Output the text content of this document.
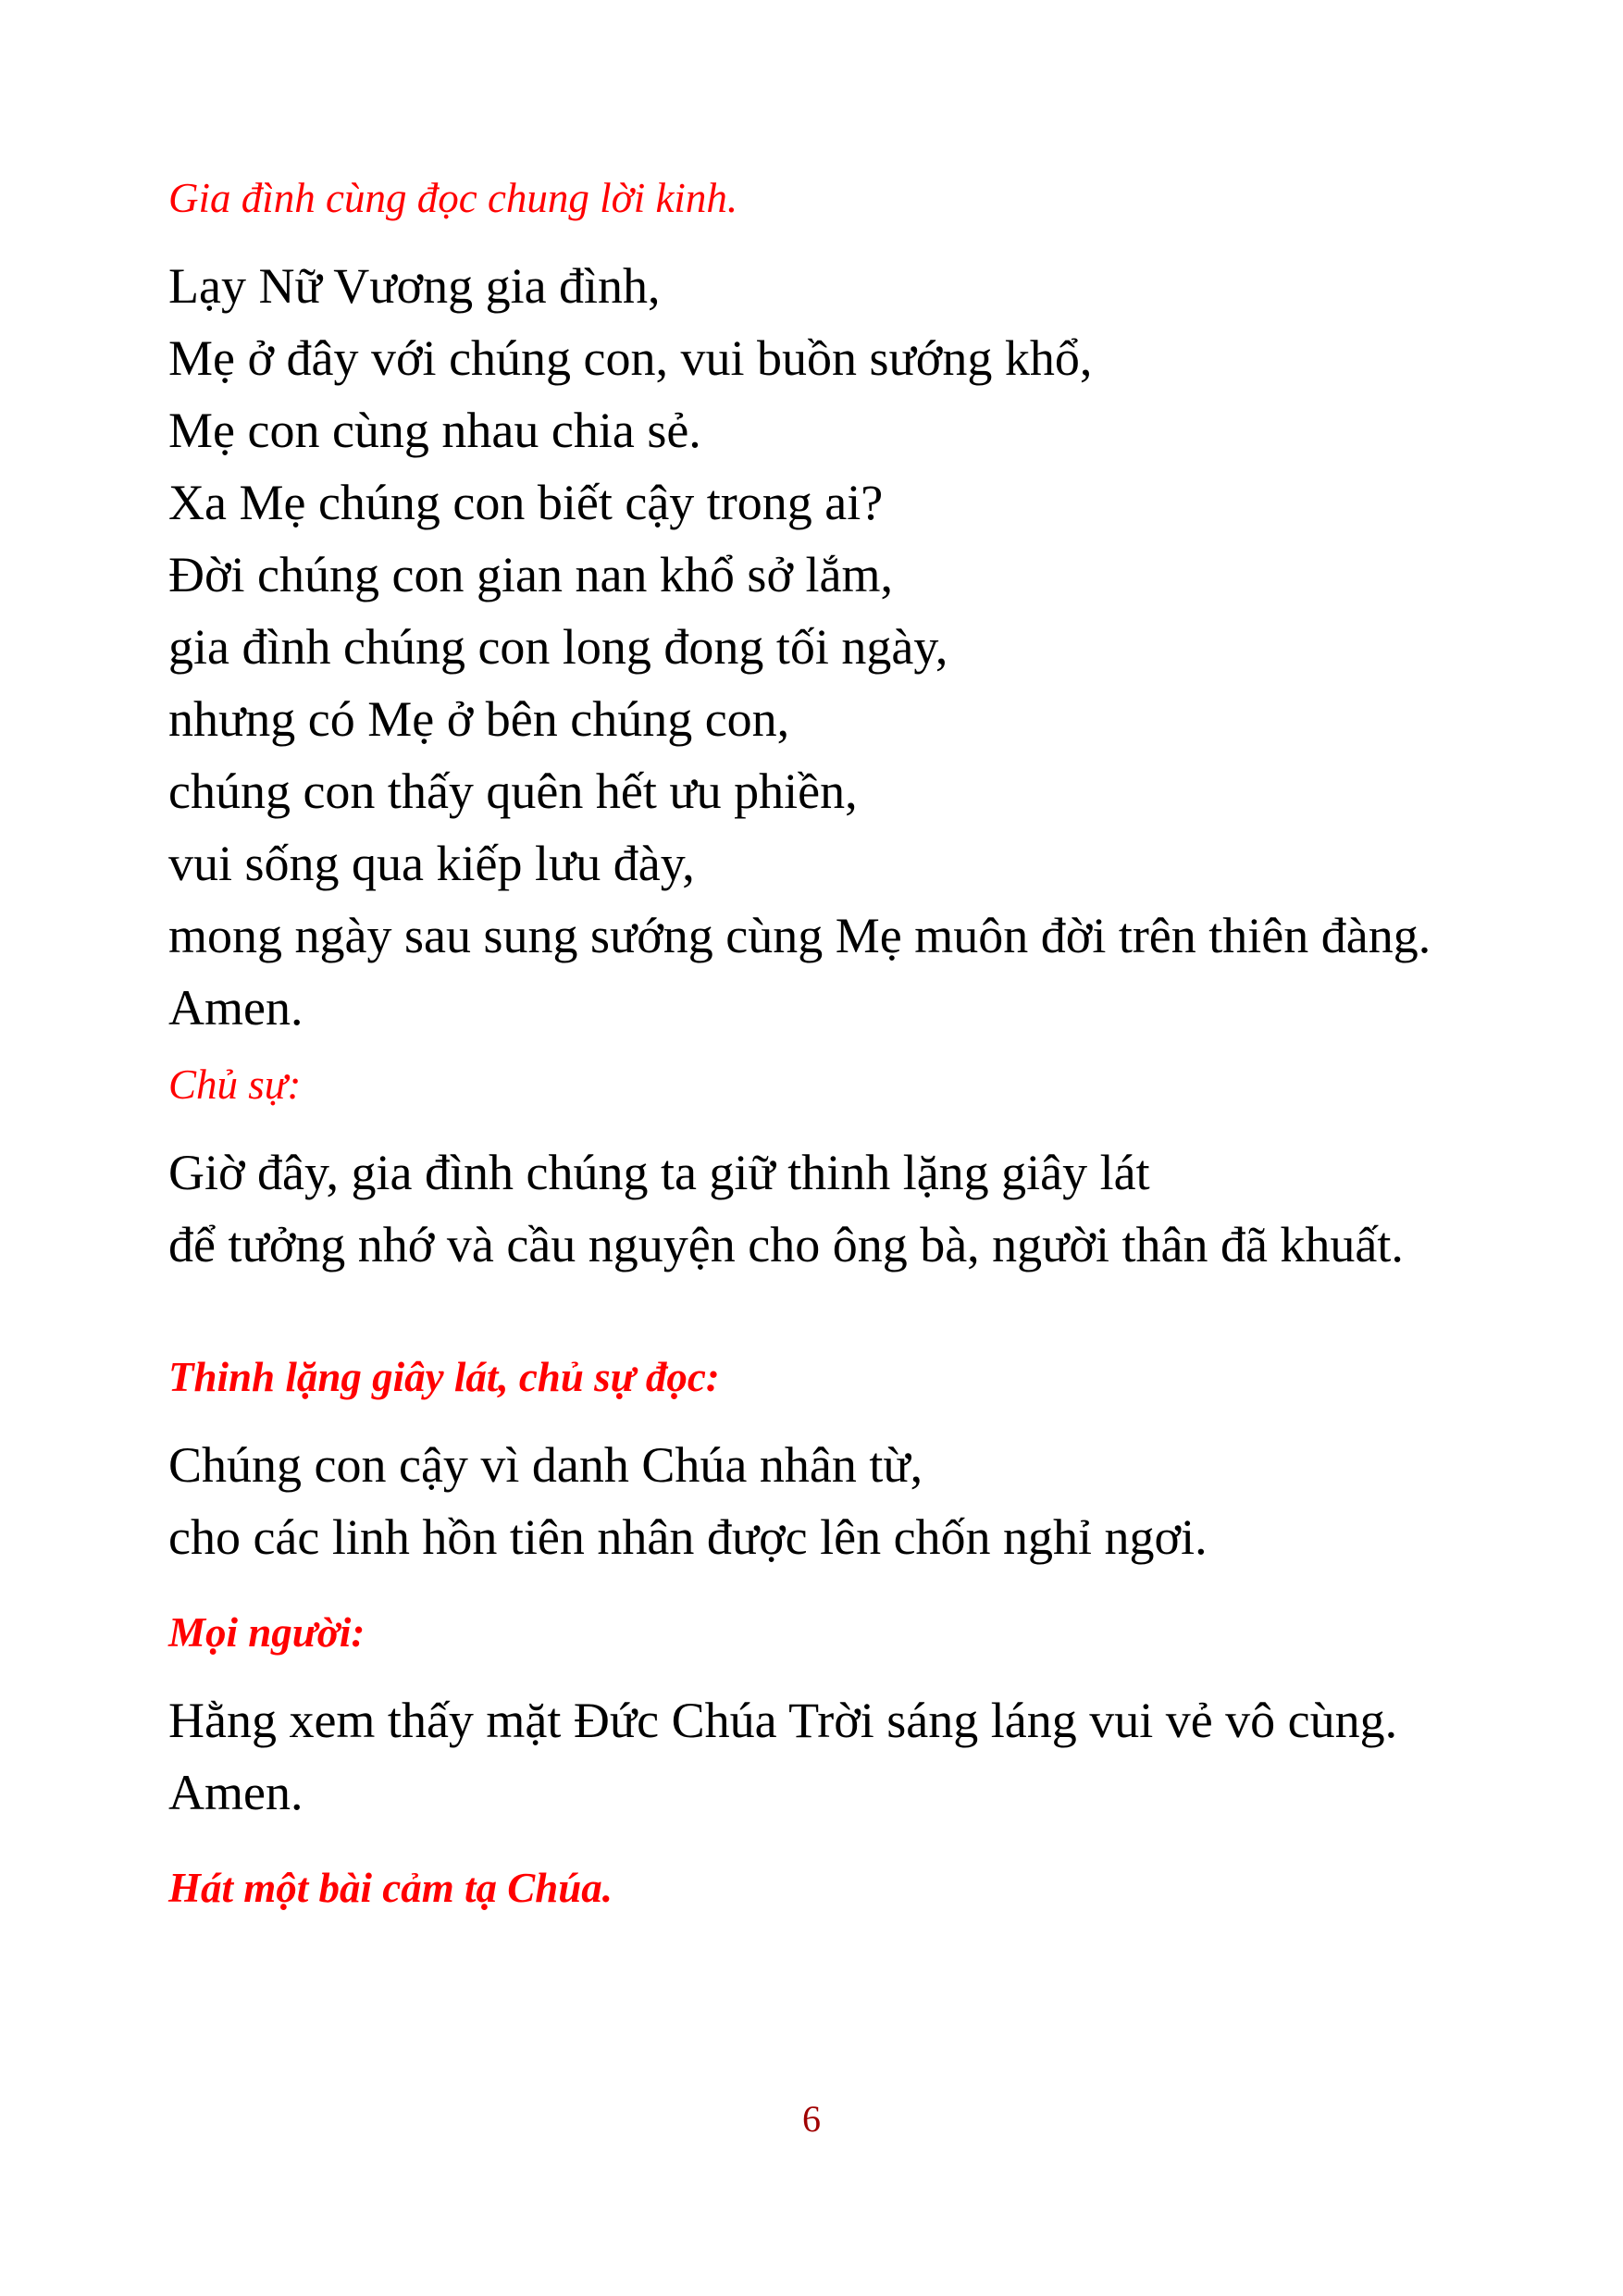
Gia đình cùng đọc chung lời kinh.

Lạy Nữ Vương gia đình,

Mẹ ở đây với chúng con, vui buồn sướng khổ,

Mẹ con cùng nhau chia sẻ.

Xa Mẹ chúng con biết cậy trong ai?

Đời chúng con gian nan khổ sở lắm,

gia đình chúng con long đong tối ngày,

nhưng có Mẹ ở bên chúng con,

chúng con thấy quên hết ưu phiền,

vui sống qua kiếp lưu đày,

mong ngày sau sung sướng cùng Mẹ muôn đời trên thiên đàng.

Amen.

Chủ sự:

Giờ đây, gia đình chúng ta giữ thinh lặng giây lát

để tưởng nhớ và cầu nguyện cho ông bà, người thân đã khuất.

Thinh lặng giây lát, chủ sự đọc:

Chúng con cậy vì danh Chúa nhân từ,

cho các linh hồn tiên nhân được lên chốn nghỉ ngơi.

Mọi người:

Hằng xem thấy mặt Đức Chúa Trời sáng láng vui vẻ vô cùng.

Amen.

Hát một bài cảm tạ Chúa.

6
